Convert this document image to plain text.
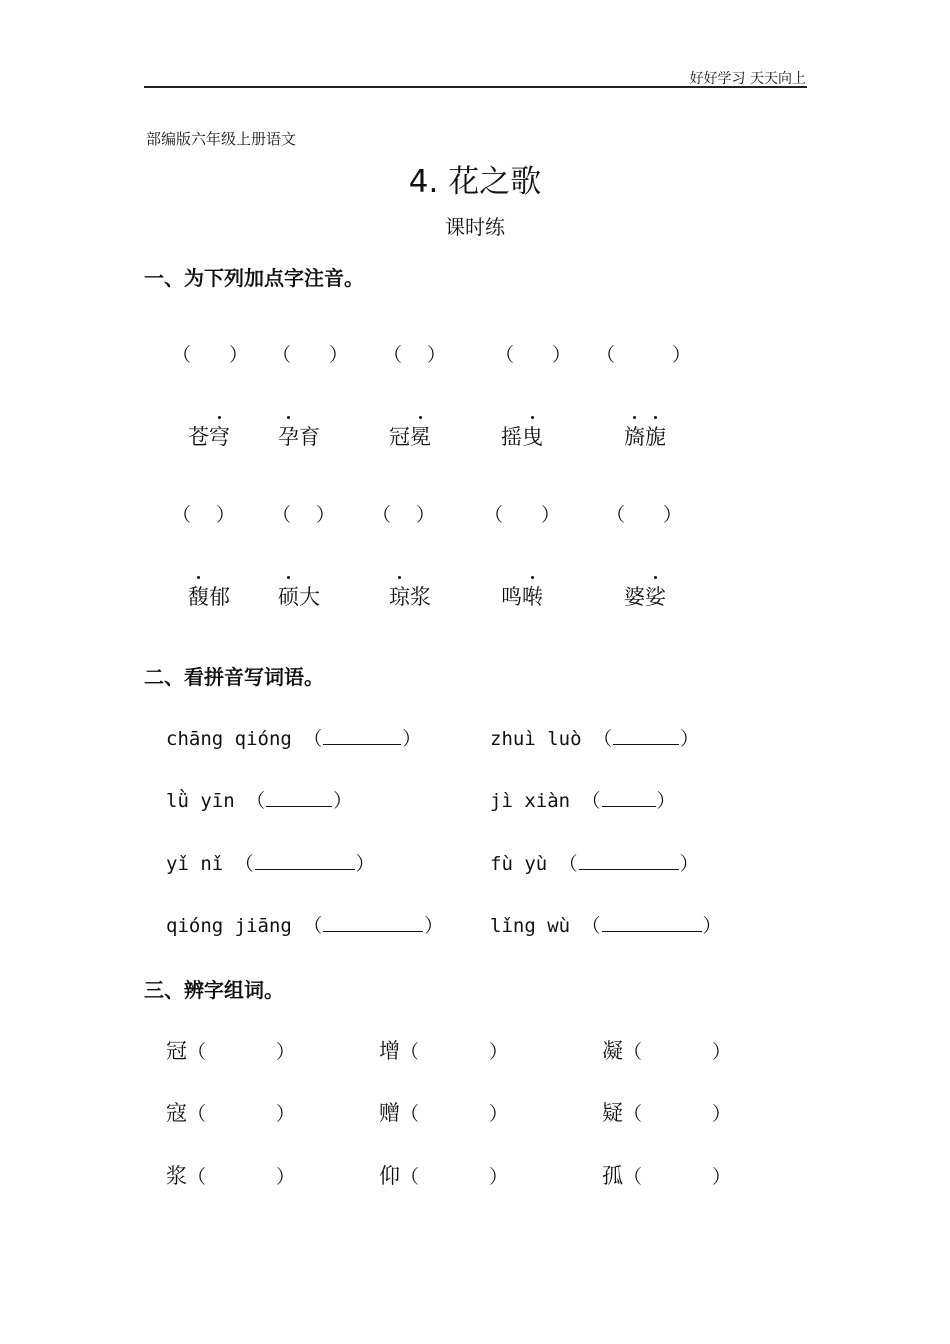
好好学习 天天向上
部编版六年级上册语文
4. 花之歌
课时练
一、为下列加点字注音。
（　　） （　　） （　 ）	（　　） （　　　）
苍穹 孕育	冠冕	摇曳	旖旎
（　 ） （　 ） （　 ）	（　　） （　　）
馥郁 硕大	琼浆	鸣啭	婆娑
二、看拼音写词语。
chāng qióng （	）	zhuì luò （	）
lǜ yīn （	）	jì xiàn （	）
yǐ nǐ （	）	fù yù （	）
qióng jiāng （	） lǐng wù （	）
三、辨字组词。
冠（	）	增（	）	凝（	）
寇（	）	赠（	）	疑（	）
浆（	）	仰（	）	孤（	）
